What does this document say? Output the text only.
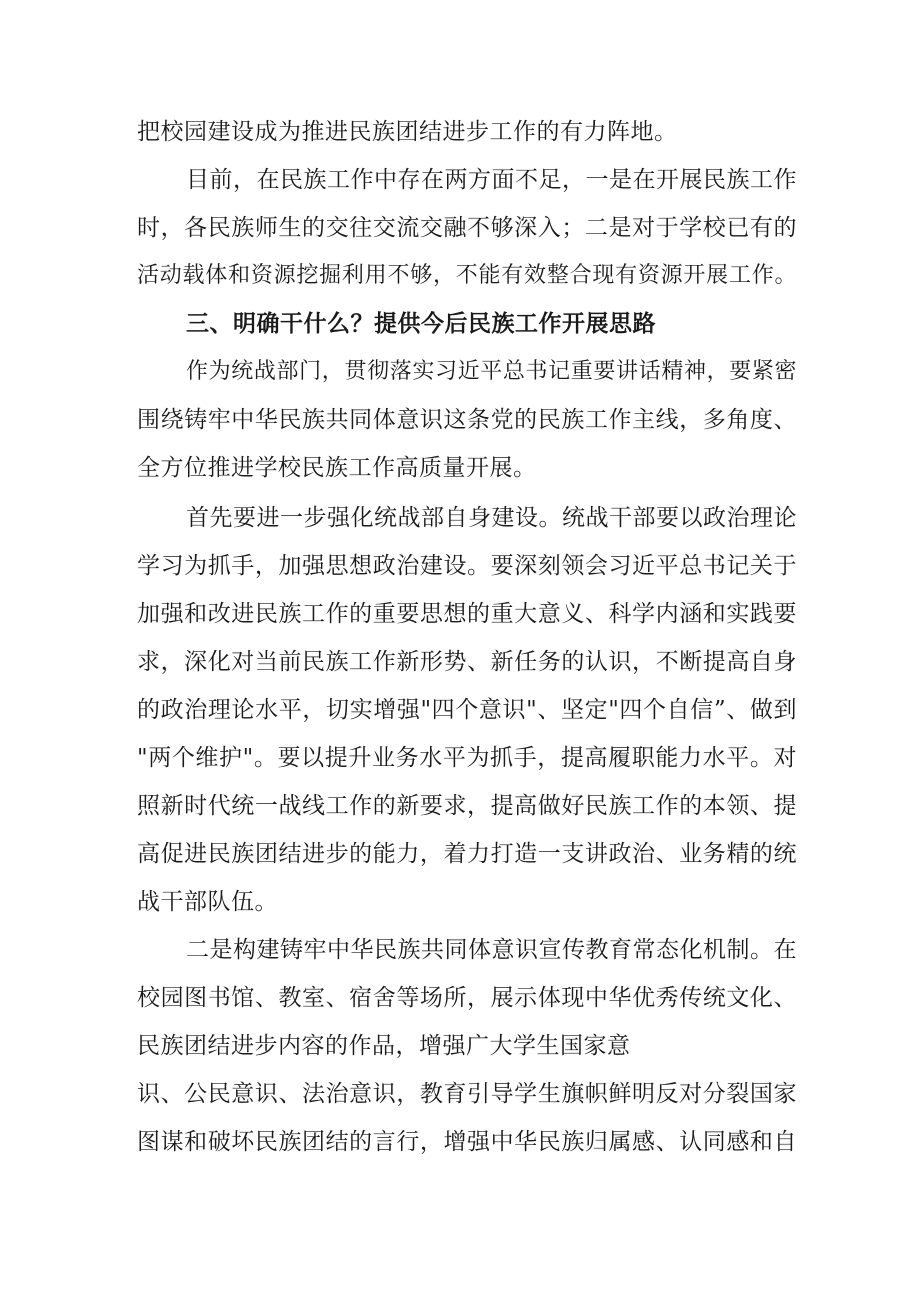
把校园建设成为推进民族团结进步工作的有力阵地。
目前，在民族工作中存在两方面不足，一是在开展民族工作
时，各民族师生的交往交流交融不够深入；二是对于学校已有的
活动载体和资源挖掘利用不够，不能有效整合现有资源开展工作。
三、明确干什么？提供今后民族工作开展思路
作为统战部门，贯彻落实习近平总书记重要讲话精神，要紧密
围绕铸牢中华民族共同体意识这条党的民族工作主线，多角度、
全方位推进学校民族工作高质量开展。
首先要进一步强化统战部自身建设。统战干部要以政治理论
学习为抓手，加强思想政治建设。要深刻领会习近平总书记关于
加强和改进民族工作的重要思想的重大意义、科学内涵和实践要
求，深化对当前民族工作新形势、新任务的认识，不断提高自身
的政治理论水平，切实增强"四个意识"、坚定"四个自信”、做到
"两个维护"。要以提升业务水平为抓手，提高履职能力水平。对
照新时代统一战线工作的新要求，提高做好民族工作的本领、提
高促进民族团结进步的能力，着力打造一支讲政治、业务精的统
战干部队伍。
二是构建铸牢中华民族共同体意识宣传教育常态化机制。在
校园图书馆、教室、宿舍等场所，展示体现中华优秀传统文化、
民族团结进步内容的作品，增强广大学生国家意
识、公民意识、法治意识，教育引导学生旗帜鲜明反对分裂国家
图谋和破坏民族团结的言行，增强中华民族归属感、认同感和自
